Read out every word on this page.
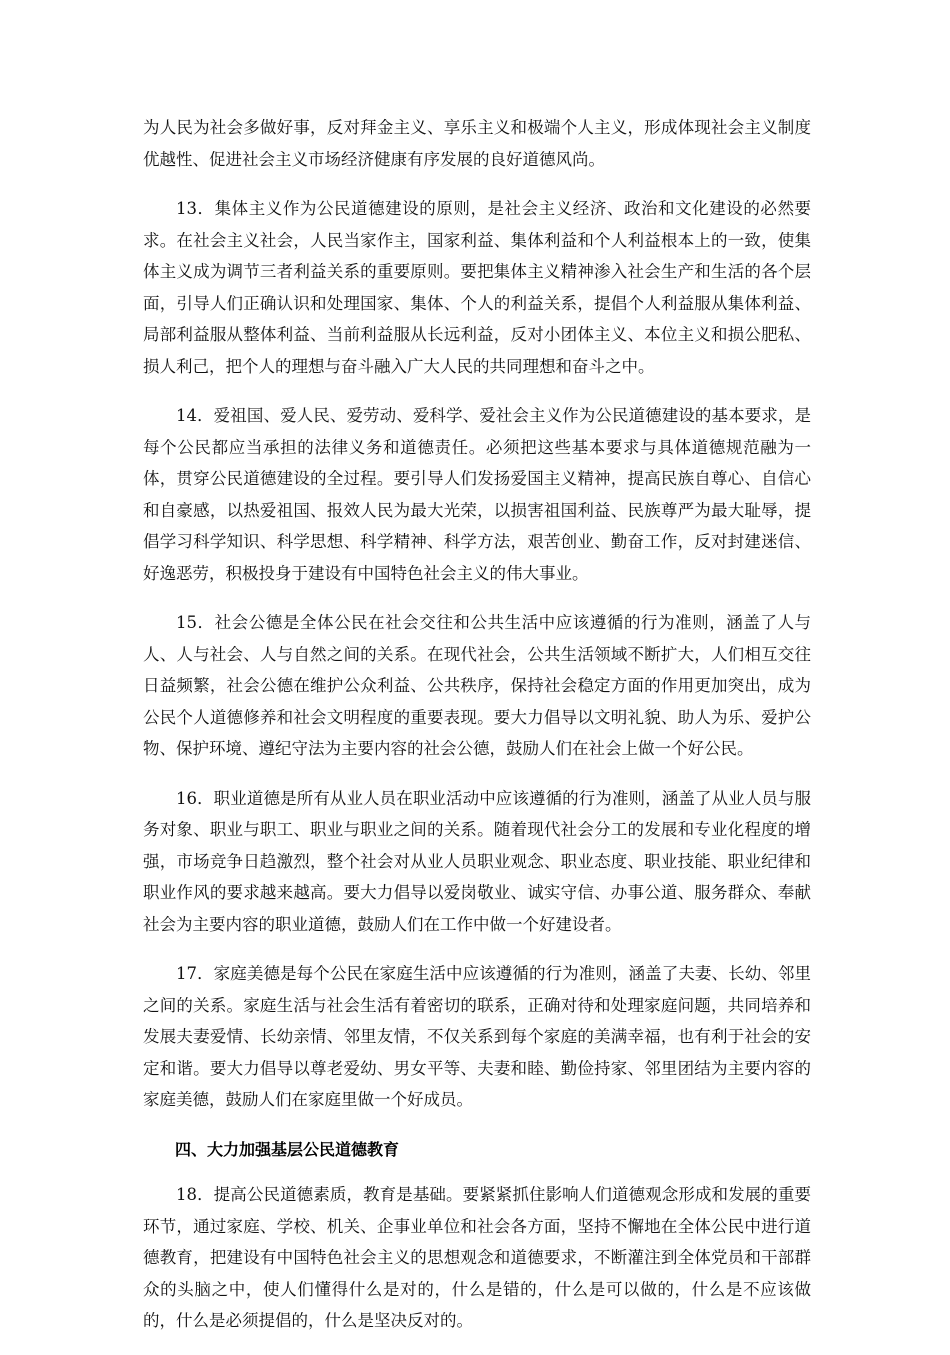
为人民为社会多做好事，反对拜金主义、享乐主义和极端个人主义，形成体现社会主义制度优越性、促进社会主义市场经济健康有序发展的良好道德风尚。

13．集体主义作为公民道德建设的原则，是社会主义经济、政治和文化建设的必然要求。在社会主义社会，人民当家作主，国家利益、集体利益和个人利益根本上的一致，使集体主义成为调节三者利益关系的重要原则。要把集体主义精神渗入社会生产和生活的各个层面，引导人们正确认识和处理国家、集体、个人的利益关系，提倡个人利益服从集体利益、局部利益服从整体利益、当前利益服从长远利益，反对小团体主义、本位主义和损公肥私、损人利己，把个人的理想与奋斗融入广大人民的共同理想和奋斗之中。

14．爱祖国、爱人民、爱劳动、爱科学、爱社会主义作为公民道德建设的基本要求，是每个公民都应当承担的法律义务和道德责任。必须把这些基本要求与具体道德规范融为一体，贯穿公民道德建设的全过程。要引导人们发扬爱国主义精神，提高民族自尊心、自信心和自豪感，以热爱祖国、报效人民为最大光荣，以损害祖国利益、民族尊严为最大耻辱，提倡学习科学知识、科学思想、科学精神、科学方法，艰苦创业、勤奋工作，反对封建迷信、好逸恶劳，积极投身于建设有中国特色社会主义的伟大事业。

15．社会公德是全体公民在社会交往和公共生活中应该遵循的行为准则，涵盖了人与人、人与社会、人与自然之间的关系。在现代社会，公共生活领域不断扩大，人们相互交往日益频繁，社会公德在维护公众利益、公共秩序，保持社会稳定方面的作用更加突出，成为公民个人道德修养和社会文明程度的重要表现。要大力倡导以文明礼貌、助人为乐、爱护公物、保护环境、遵纪守法为主要内容的社会公德，鼓励人们在社会上做一个好公民。

16．职业道德是所有从业人员在职业活动中应该遵循的行为准则，涵盖了从业人员与服务对象、职业与职工、职业与职业之间的关系。随着现代社会分工的发展和专业化程度的增强，市场竞争日趋激烈，整个社会对从业人员职业观念、职业态度、职业技能、职业纪律和职业作风的要求越来越高。要大力倡导以爱岗敬业、诚实守信、办事公道、服务群众、奉献社会为主要内容的职业道德，鼓励人们在工作中做一个好建设者。

17．家庭美德是每个公民在家庭生活中应该遵循的行为准则，涵盖了夫妻、长幼、邻里之间的关系。家庭生活与社会生活有着密切的联系，正确对待和处理家庭问题，共同培养和发展夫妻爱情、长幼亲情、邻里友情，不仅关系到每个家庭的美满幸福，也有利于社会的安定和谐。要大力倡导以尊老爱幼、男女平等、夫妻和睦、勤俭持家、邻里团结为主要内容的家庭美德，鼓励人们在家庭里做一个好成员。

四、大力加强基层公民道德教育

18．提高公民道德素质，教育是基础。要紧紧抓住影响人们道德观念形成和发展的重要环节，通过家庭、学校、机关、企事业单位和社会各方面，坚持不懈地在全体公民中进行道德教育，把建设有中国特色社会主义的思想观念和道德要求，不断灌注到全体党员和干部群众的头脑之中，使人们懂得什么是对的，什么是错的，什么是可以做的，什么是不应该做的，什么是必须提倡的，什么是坚决反对的。
